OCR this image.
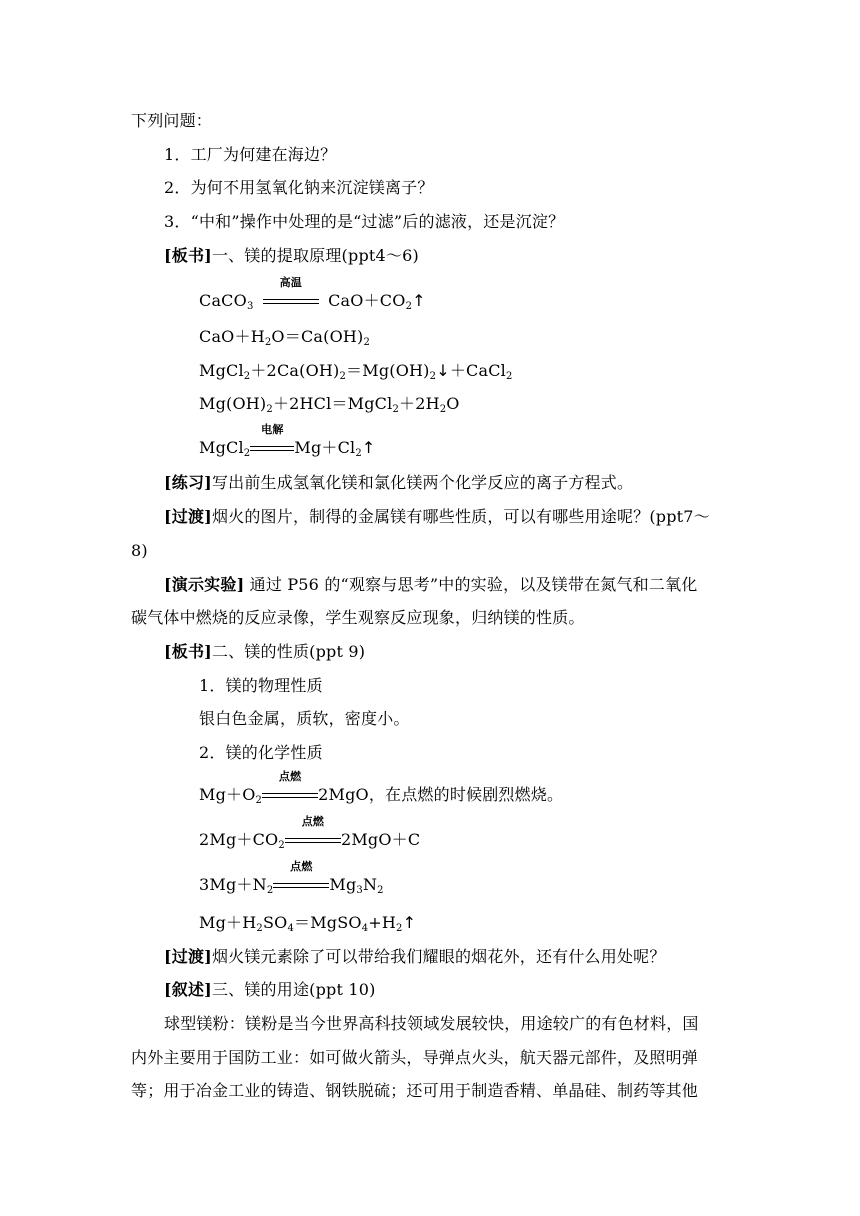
下列问题：
1．工厂为何建在海边？
2．为何不用氢氧化钠来沉淀镁离子？
3．“中和”操作中处理的是“过滤”后的滤液，还是沉淀？
[板书]一、镁的提取原理(ppt4～6)
CaCO$_3$
高温
$CaO+CO_2↑$
$CaO+H_2O=Ca(OH)_2$
$MgCl_2+2Ca(OH)_2=Mg(OH)_2↓+CaCl_2$
$Mg(OH)_2+2HCl=MgCl_2+2H_2O$
MgCl$_2$
电解
$Mg+Cl_2↑$
[练习]写出前生成氢氧化镁和氯化镁两个化学反应的离子方程式。
[过渡]烟火的图片，制得的金属镁有哪些性质，可以有哪些用途呢？(ppt7～
8)
[演示实验] 通过 P56 的“观察与思考”中的实验，以及镁带在氮气和二氧化
碳气体中燃烧的反应录像，学生观察反应现象，归纳镁的性质。
[板书]二、镁的性质(ppt 9)
1．镁的物理性质
银白色金属，质软，密度小。
2．镁的化学性质
$Mg+O_2$
点燃
2MgO，在点燃的时候剧烈燃烧。
$2Mg+CO_2$
点燃
2MgO＋C
$3Mg+N_2$
点燃
$Mg_3N_2$
$Mg+H_2SO_4=MgSO_4+H_2↑$
[过渡]烟火镁元素除了可以带给我们耀眼的烟花外，还有什么用处呢？
[叙述]三、镁的用途(ppt 10)
球型镁粉：镁粉是当今世界高科技领域发展较快，用途较广的有色材料，国
内外主要用于国防工业：如可做火箭头，导弹点火头，航天器元部件，及照明弹
等；用于冶金工业的铸造、钢铁脱硫；还可用于制造香精、单晶硅、制药等其他
